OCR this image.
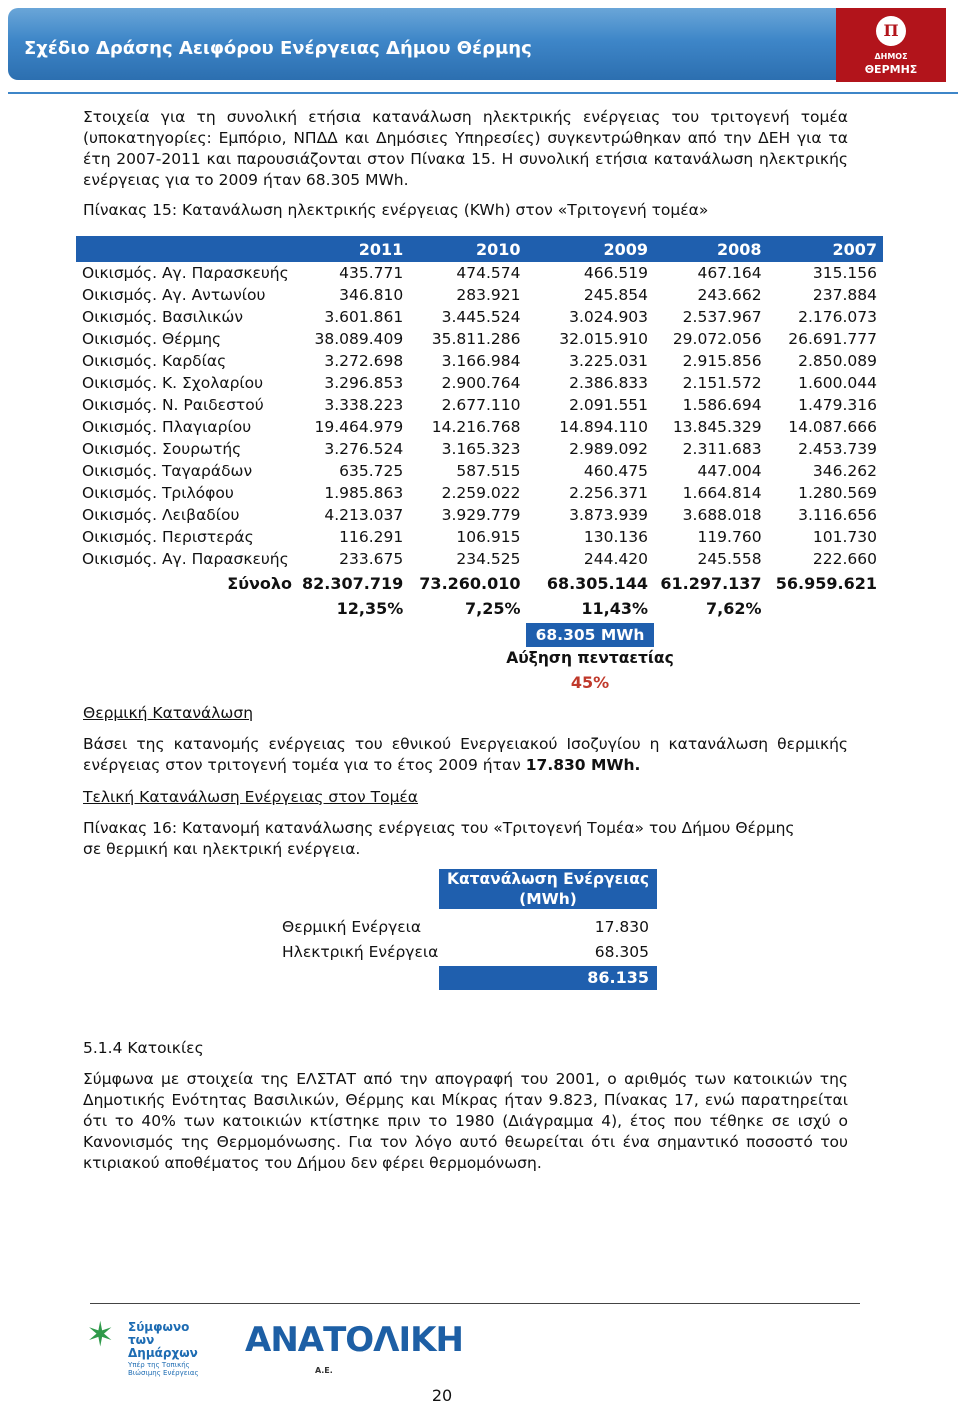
Σχέδιο Δράσης Αειφόρου Ενέργειας Δήμου Θέρμης
Π
ΔΗΜΟΣ
ΘΕΡΜΗΣ
Στοιχεία για τη συνολική ετήσια κατανάλωση ηλεκτρικής ενέργειας του τριτογενή τομέα (υποκατηγορίες: Εμπόριο, ΝΠΔΔ και Δημόσιες Υπηρεσίες) συγκεντρώθηκαν από την ΔΕΗ για τα έτη 2007-2011 και παρουσιάζονται στον Πίνακα 15. Η συνολική ετήσια κατανάλωση ηλεκτρικής ενέργειας για το 2009 ήταν 68.305 MWh.
Πίνακας 15: Κατανάλωση ηλεκτρικής ενέργειας (KWh) στον «Τριτογενή τομέα»
	2011	2010	2009	2008	2007
Οικισμός. Αγ. Παρασκευής	435.771	474.574	466.519	467.164	315.156
Οικισμός. Αγ. Αντωνίου	346.810	283.921	245.854	243.662	237.884
Οικισμός. Βασιλικών	3.601.861	3.445.524	3.024.903	2.537.967	2.176.073
Οικισμός. Θέρμης	38.089.409	35.811.286	32.015.910	29.072.056	26.691.777
Οικισμός. Καρδίας	3.272.698	3.166.984	3.225.031	2.915.856	2.850.089
Οικισμός. Κ. Σχολαρίου	3.296.853	2.900.764	2.386.833	2.151.572	1.600.044
Οικισμός. Ν. Ραιδεστού	3.338.223	2.677.110	2.091.551	1.586.694	1.479.316
Οικισμός. Πλαγιαρίου	19.464.979	14.216.768	14.894.110	13.845.329	14.087.666
Οικισμός. Σουρωτής	3.276.524	3.165.323	2.989.092	2.311.683	2.453.739
Οικισμός. Ταγαράδων	635.725	587.515	460.475	447.004	346.262
Οικισμός. Τριλόφου	1.985.863	2.259.022	2.256.371	1.664.814	1.280.569
Οικισμός. Λειβαδίου	4.213.037	3.929.779	3.873.939	3.688.018	3.116.656
Οικισμός. Περιστεράς	116.291	106.915	130.136	119.760	101.730
Οικισμός. Αγ. Παρασκευής	233.675	234.525	244.420	245.558	222.660
Σύνολο	82.307.719	73.260.010	68.305.144	61.297.137	56.959.621
	12,35%	7,25%	11,43%	7,62%	
68.305 MWh
Αύξηση πενταετίας
45%
Θερμική Κατανάλωση
Βάσει της κατανομής ενέργειας του εθνικού Ενεργειακού Ισοζυγίου η κατανάλωση θερμικής ενέργειας στον τριτογενή τομέα για το έτος 2009 ήταν 17.830 MWh.
Τελική Κατανάλωση Ενέργειας στον Τομέα
Πίνακας 16: Κατανομή κατανάλωσης ενέργειας του «Τριτογενή Τομέα» του Δήμου Θέρμης σε θερμική και ηλεκτρική ενέργεια.
Κατανάλωση Ενέργειας (MWh)
Θερμική Ενέργεια	17.830
Ηλεκτρική Ενέργεια	68.305
86.135
5.1.4 Κατοικίες
Σύμφωνα με στοιχεία της ΕΛΣΤΑΤ από την απογραφή του 2001, ο αριθμός των κατοικιών της Δημοτικής Ενότητας Βασιλικών, Θέρμης και Μίκρας ήταν 9.823, Πίνακας 17, ενώ παρατηρείται ότι το 40% των κατοικιών κτίστηκε πριν το 1980 (Διάγραμμα 4), έτος που τέθηκε σε ισχύ ο Κανονισμός της Θερμομόνωσης. Για τον λόγο αυτό θεωρείται ότι ένα σημαντικό ποσοστό του κτιριακού αποθέματος του Δήμου δεν φέρει θερμομόνωση.
✶ Σύμφωνο
των Δημάρχων
Υπέρ της Τοπικής Βιώσιμης Ενέργειας
ΑΝΑΤΟΛΙΚΗ
Α.Ε.
20
